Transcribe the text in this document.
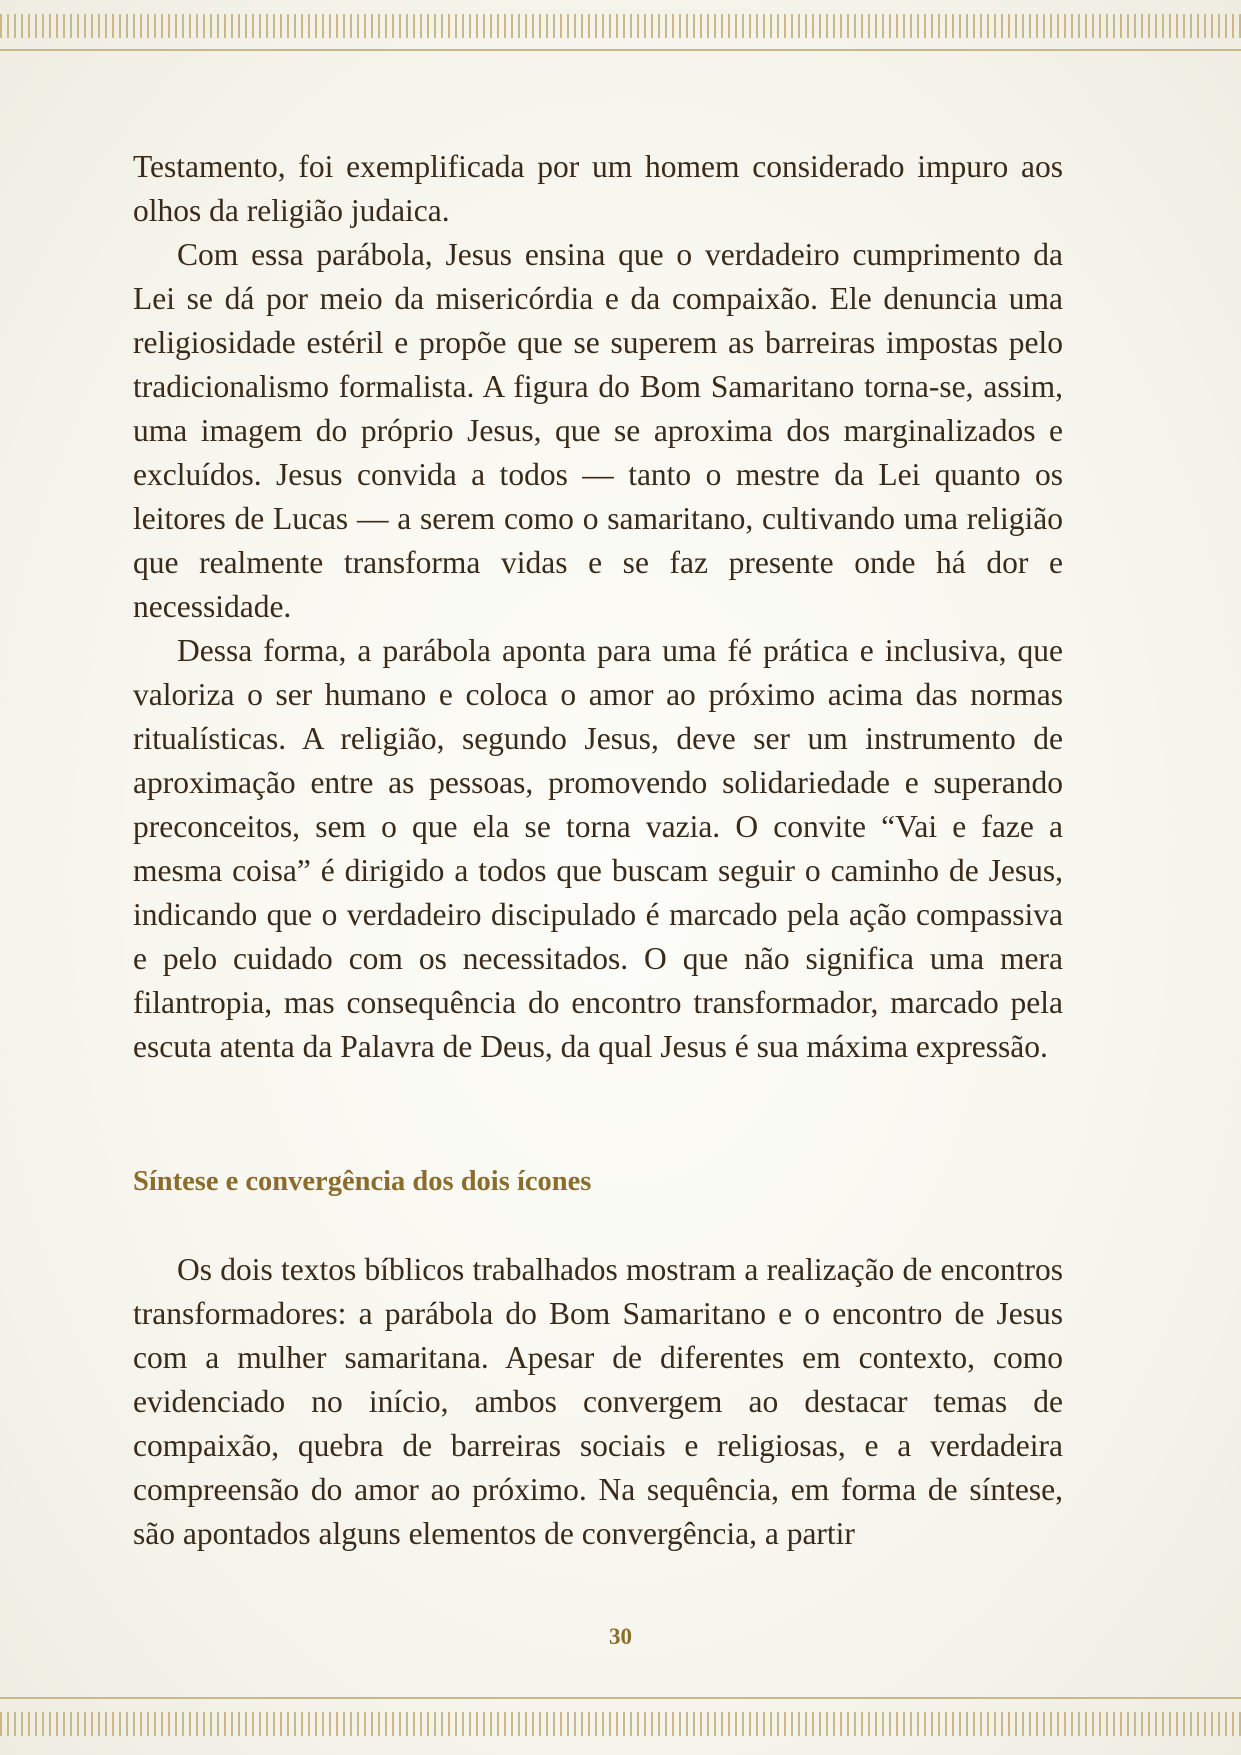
Testamento, foi exemplificada por um homem considerado impuro aos olhos da religião judaica.

Com essa parábola, Jesus ensina que o verdadeiro cumprimento da Lei se dá por meio da misericórdia e da compaixão. Ele denuncia uma religiosidade estéril e propõe que se superem as barreiras impostas pelo tradicionalismo formalista. A figura do Bom Samaritano torna-se, assim, uma imagem do próprio Jesus, que se aproxima dos marginalizados e excluídos. Jesus convida a todos — tanto o mestre da Lei quanto os leitores de Lucas — a serem como o samaritano, cultivando uma religião que realmente transforma vidas e se faz presente onde há dor e necessidade.

Dessa forma, a parábola aponta para uma fé prática e inclusiva, que valoriza o ser humano e coloca o amor ao próximo acima das normas ritualísticas. A religião, segundo Jesus, deve ser um instrumento de aproximação entre as pessoas, promovendo solidariedade e superando preconceitos, sem o que ela se torna vazia. O convite “Vai e faze a mesma coisa” é dirigido a todos que buscam seguir o caminho de Jesus, indicando que o verdadeiro discipulado é marcado pela ação compassiva e pelo cuidado com os necessitados. O que não significa uma mera filantropia, mas consequência do encontro transformador, marcado pela escuta atenta da Palavra de Deus, da qual Jesus é sua máxima expressão.

Síntese e convergência dos dois ícones

Os dois textos bíblicos trabalhados mostram a realização de encontros transformadores: a parábola do Bom Samaritano e o encontro de Jesus com a mulher samaritana. Apesar de diferentes em contexto, como evidenciado no início, ambos convergem ao destacar temas de compaixão, quebra de barreiras sociais e religiosas, e a verdadeira compreensão do amor ao próximo. Na sequência, em forma de síntese, são apontados alguns elementos de convergência, a partir

30
